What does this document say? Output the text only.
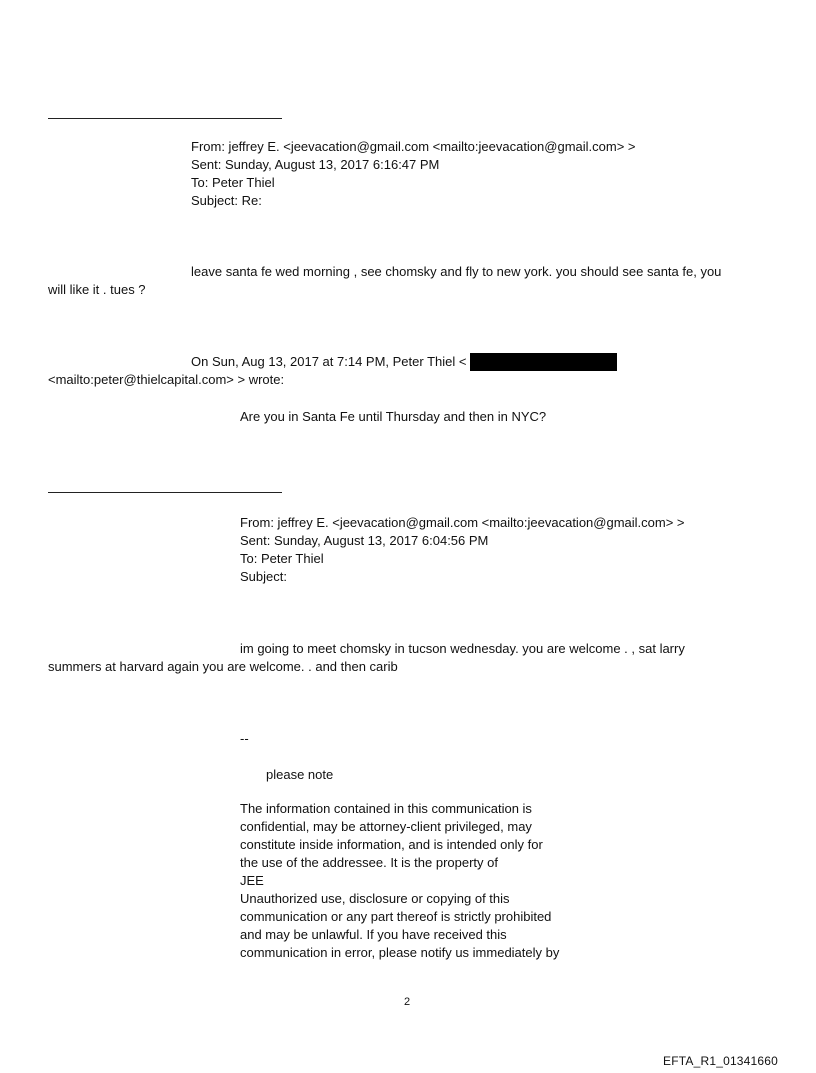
From: jeffrey E. <jeevacation@gmail.com <mailto:jeevacation@gmail.com> >
Sent: Sunday, August 13, 2017 6:16:47 PM
To: Peter Thiel
Subject: Re:
leave santa fe wed morning , see chomsky and fly to new york. you should see santa fe, you
will like it . tues ?
On Sun, Aug 13, 2017 at 7:14 PM, Peter Thiel <
<mailto:peter@thielcapital.com> > wrote:
Are you in Santa Fe until Thursday and then in NYC?
From: jeffrey E. <jeevacation@gmail.com <mailto:jeevacation@gmail.com> >
Sent: Sunday, August 13, 2017 6:04:56 PM
To: Peter Thiel
Subject:
im going to meet chomsky in tucson wednesday. you are welcome . , sat larry
summers at harvard again you are welcome. . and then carib
--
please note
The information contained in this communication is
confidential, may be attorney-client privileged, may
constitute inside information, and is intended only for
the use of the addressee. It is the property of
JEE
Unauthorized use, disclosure or copying of this
communication or any part thereof is strictly prohibited
and may be unlawful. If you have received this
communication in error, please notify us immediately by
2
EFTA_R1_01341660
